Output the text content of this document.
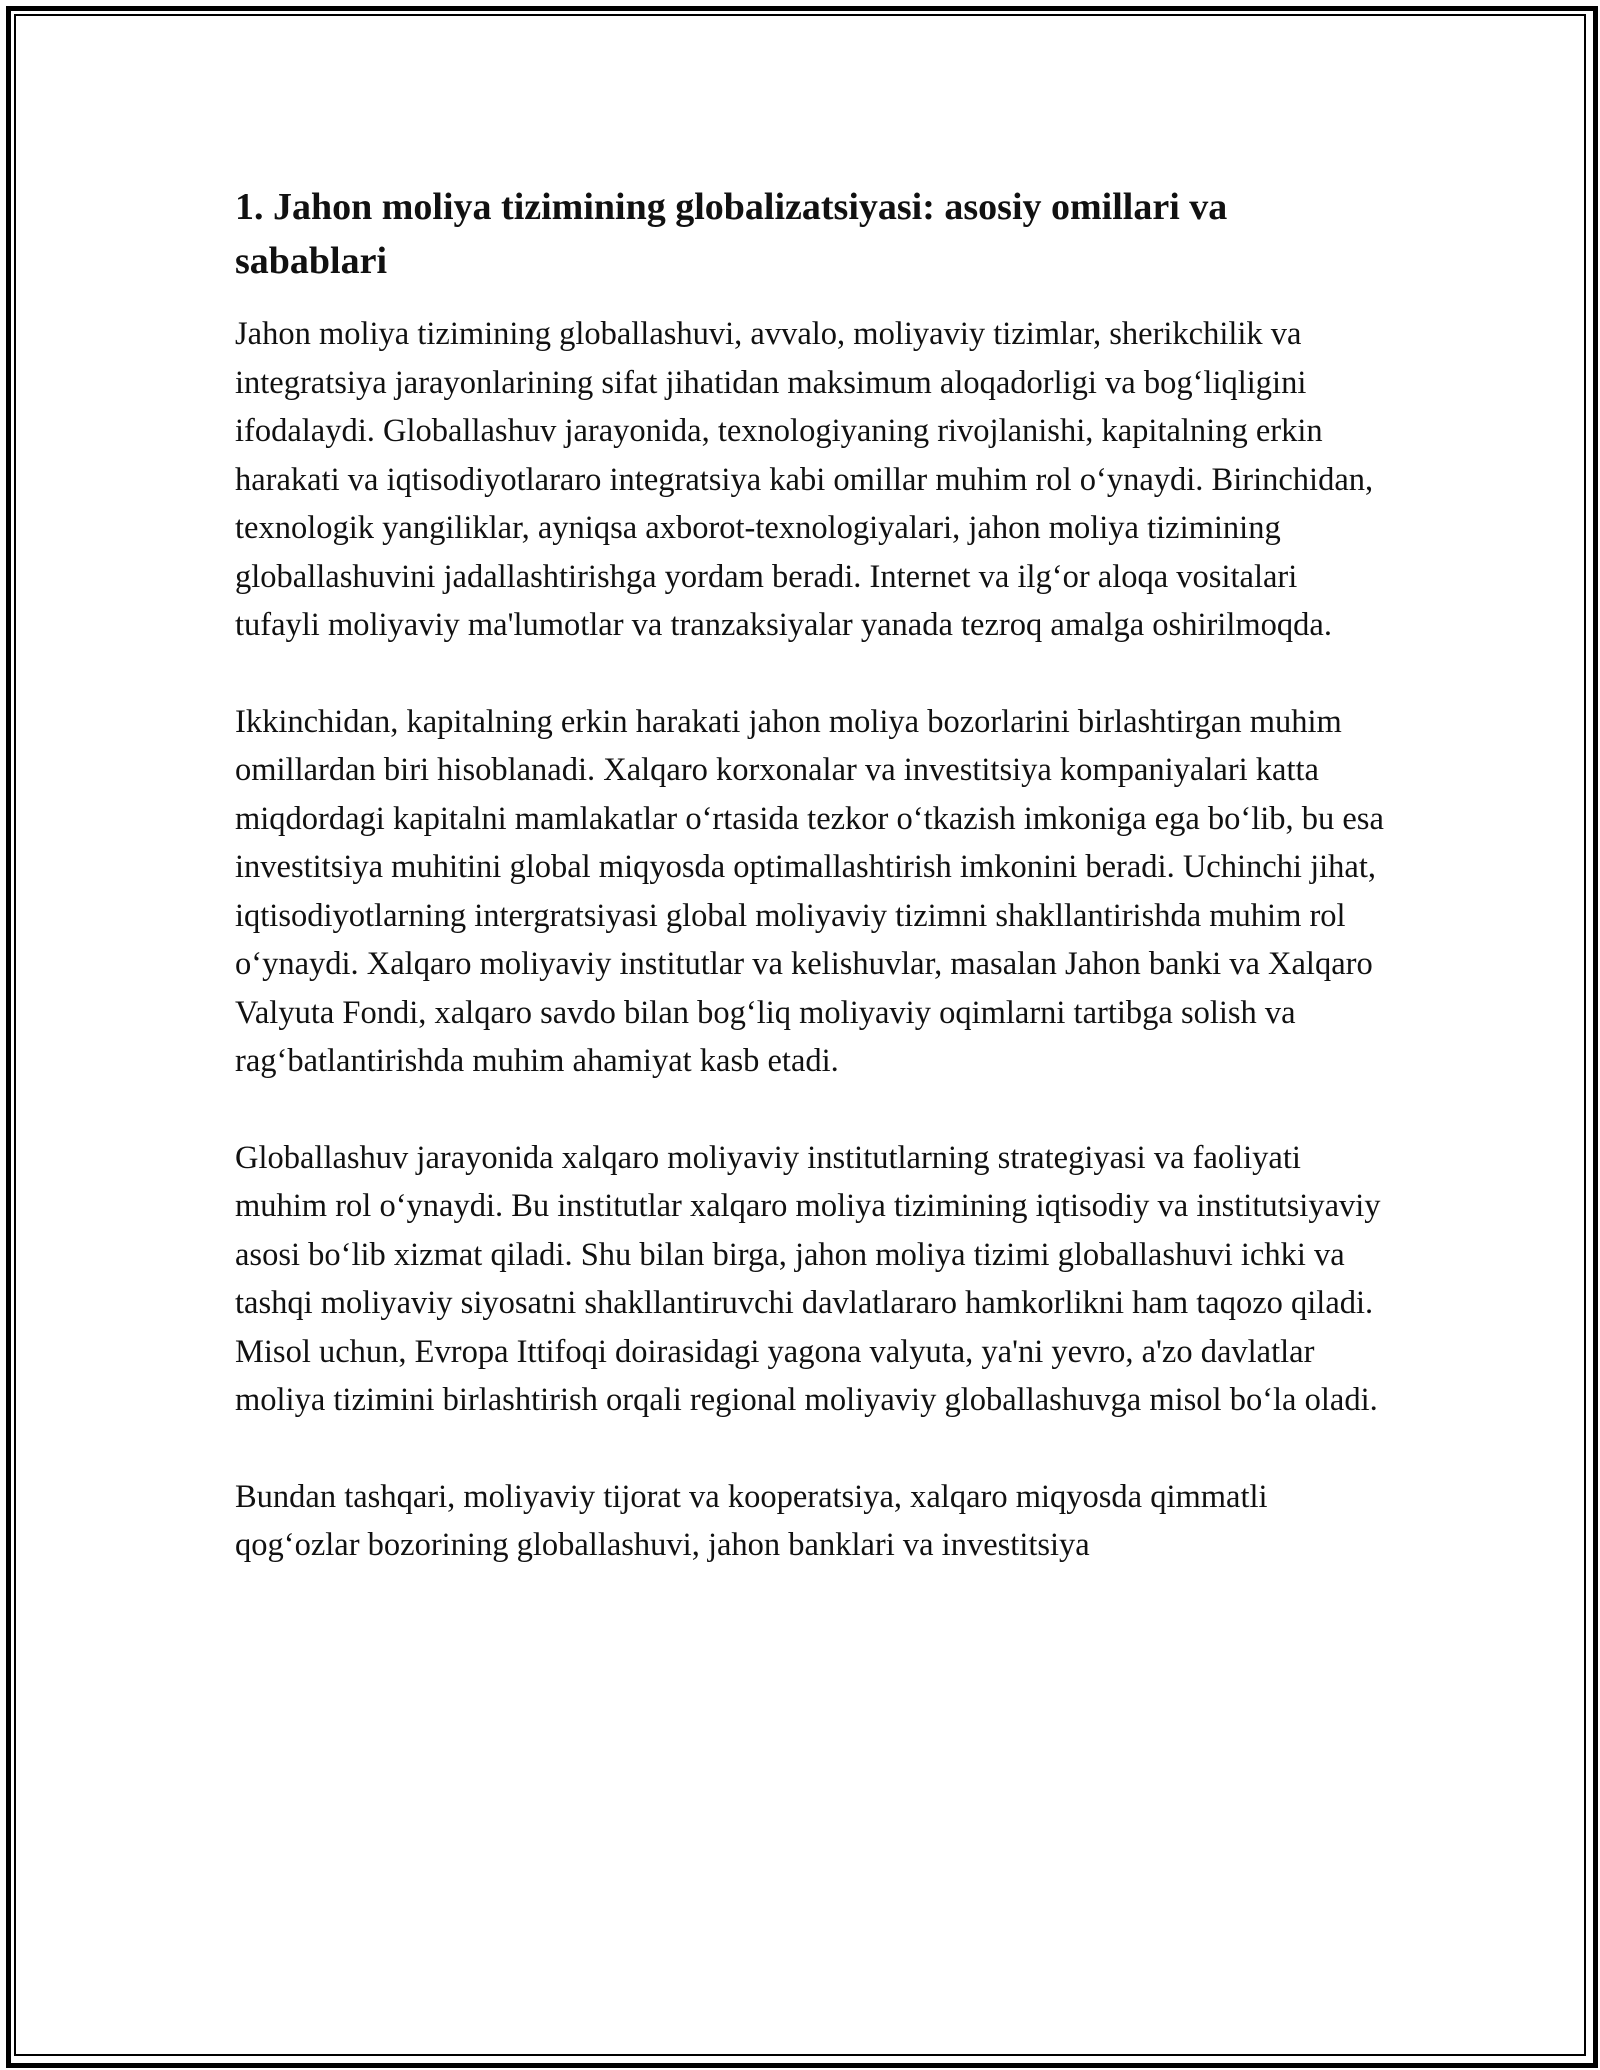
1. Jahon moliya tizimining globalizatsiyasi: asosiy omillari va sabablari

Jahon moliya tizimining globallashuvi, avvalo, moliyaviy tizimlar, sherikchilik va integratsiya jarayonlarining sifat jihatidan maksimum aloqadorligi va bog‘liqligini ifodalaydi. Globallashuv jarayonida, texnologiyaning rivojlanishi, kapitalning erkin harakati va iqtisodiyotlararo integratsiya kabi omillar muhim rol o‘ynaydi. Birinchidan, texnologik yangiliklar, ayniqsa axborot-texnologiyalari, jahon moliya tizimining globallashuvini jadallashtirishga yordam beradi. Internet va ilg‘or aloqa vositalari tufayli moliyaviy ma'lumotlar va tranzaksiyalar yanada tezroq amalga oshirilmoqda.

Ikkinchidan, kapitalning erkin harakati jahon moliya bozorlarini birlashtirgan muhim omillardan biri hisoblanadi. Xalqaro korxonalar va investitsiya kompaniyalari katta miqdordagi kapitalni mamlakatlar o‘rtasida tezkor o‘tkazish imkoniga ega bo‘lib, bu esa investitsiya muhitini global miqyosda optimallashtirish imkonini beradi. Uchinchi jihat, iqtisodiyotlarning intergratsiyasi global moliyaviy tizimni shakllantirishda muhim rol o‘ynaydi. Xalqaro moliyaviy institutlar va kelishuvlar, masalan Jahon banki va Xalqaro Valyuta Fondi, xalqaro savdo bilan bog‘liq moliyaviy oqimlarni tartibga solish va rag‘batlantirishda muhim ahamiyat kasb etadi.

Globallashuv jarayonida xalqaro moliyaviy institutlarning strategiyasi va faoliyati muhim rol o‘ynaydi. Bu institutlar xalqaro moliya tizimining iqtisodiy va institutsiyaviy asosi bo‘lib xizmat qiladi. Shu bilan birga, jahon moliya tizimi globallashuvi ichki va tashqi moliyaviy siyosatni shakllantiruvchi davlatlararo hamkorlikni ham taqozo qiladi. Misol uchun, Evropa Ittifoqi doirasidagi yagona valyuta, ya'ni yevro, a'zo davlatlar moliya tizimini birlashtirish orqali regional moliyaviy globallashuvga misol bo‘la oladi.

Bundan tashqari, moliyaviy tijorat va kooperatsiya, xalqaro miqyosda qimmatli qog‘ozlar bozorining globallashuvi, jahon banklari va investitsiya
